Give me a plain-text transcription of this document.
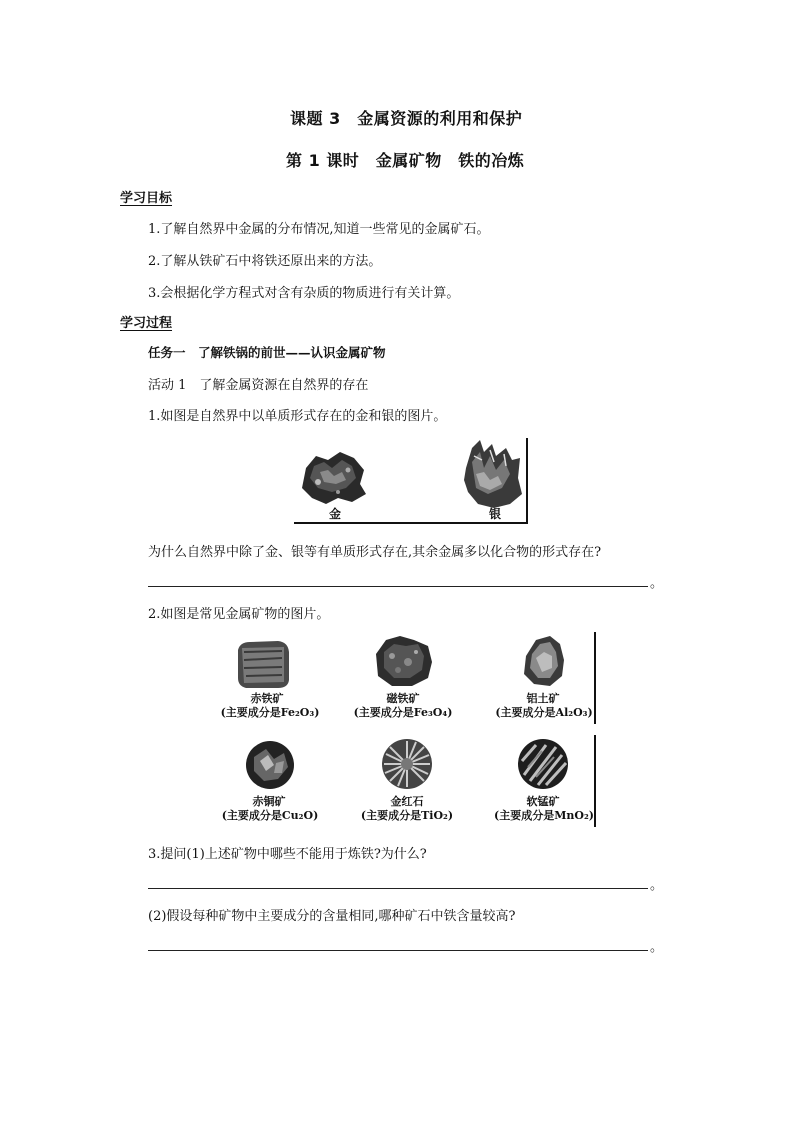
课题 3　金属资源的利用和保护
第 1 课时　金属矿物　铁的冶炼
学习目标
1.了解自然界中金属的分布情况,知道一些常见的金属矿石。
2.了解从铁矿石中将铁还原出来的方法。
3.会根据化学方程式对含有杂质的物质进行有关计算。
学习过程
任务一　了解铁锅的前世——认识金属矿物
活动 1　了解金属资源在自然界的存在
1.如图是自然界中以单质形式存在的金和银的图片。
金	银
为什么自然界中除了金、银等有单质形式存在,其余金属多以化合物的形式存在?
。
2.如图是常见金属矿物的图片。
赤铁矿
(主要成分是Fe₂O₃)
磁铁矿
(主要成分是Fe₃O₄)
铝土矿
(主要成分是Al₂O₃)
赤铜矿
(主要成分是Cu₂O)
金红石
(主要成分是TiO₂)
软锰矿
(主要成分是MnO₂)
3.提问(1)上述矿物中哪些不能用于炼铁?为什么?
。
(2)假设每种矿物中主要成分的含量相同,哪种矿石中铁含量较高?
。
